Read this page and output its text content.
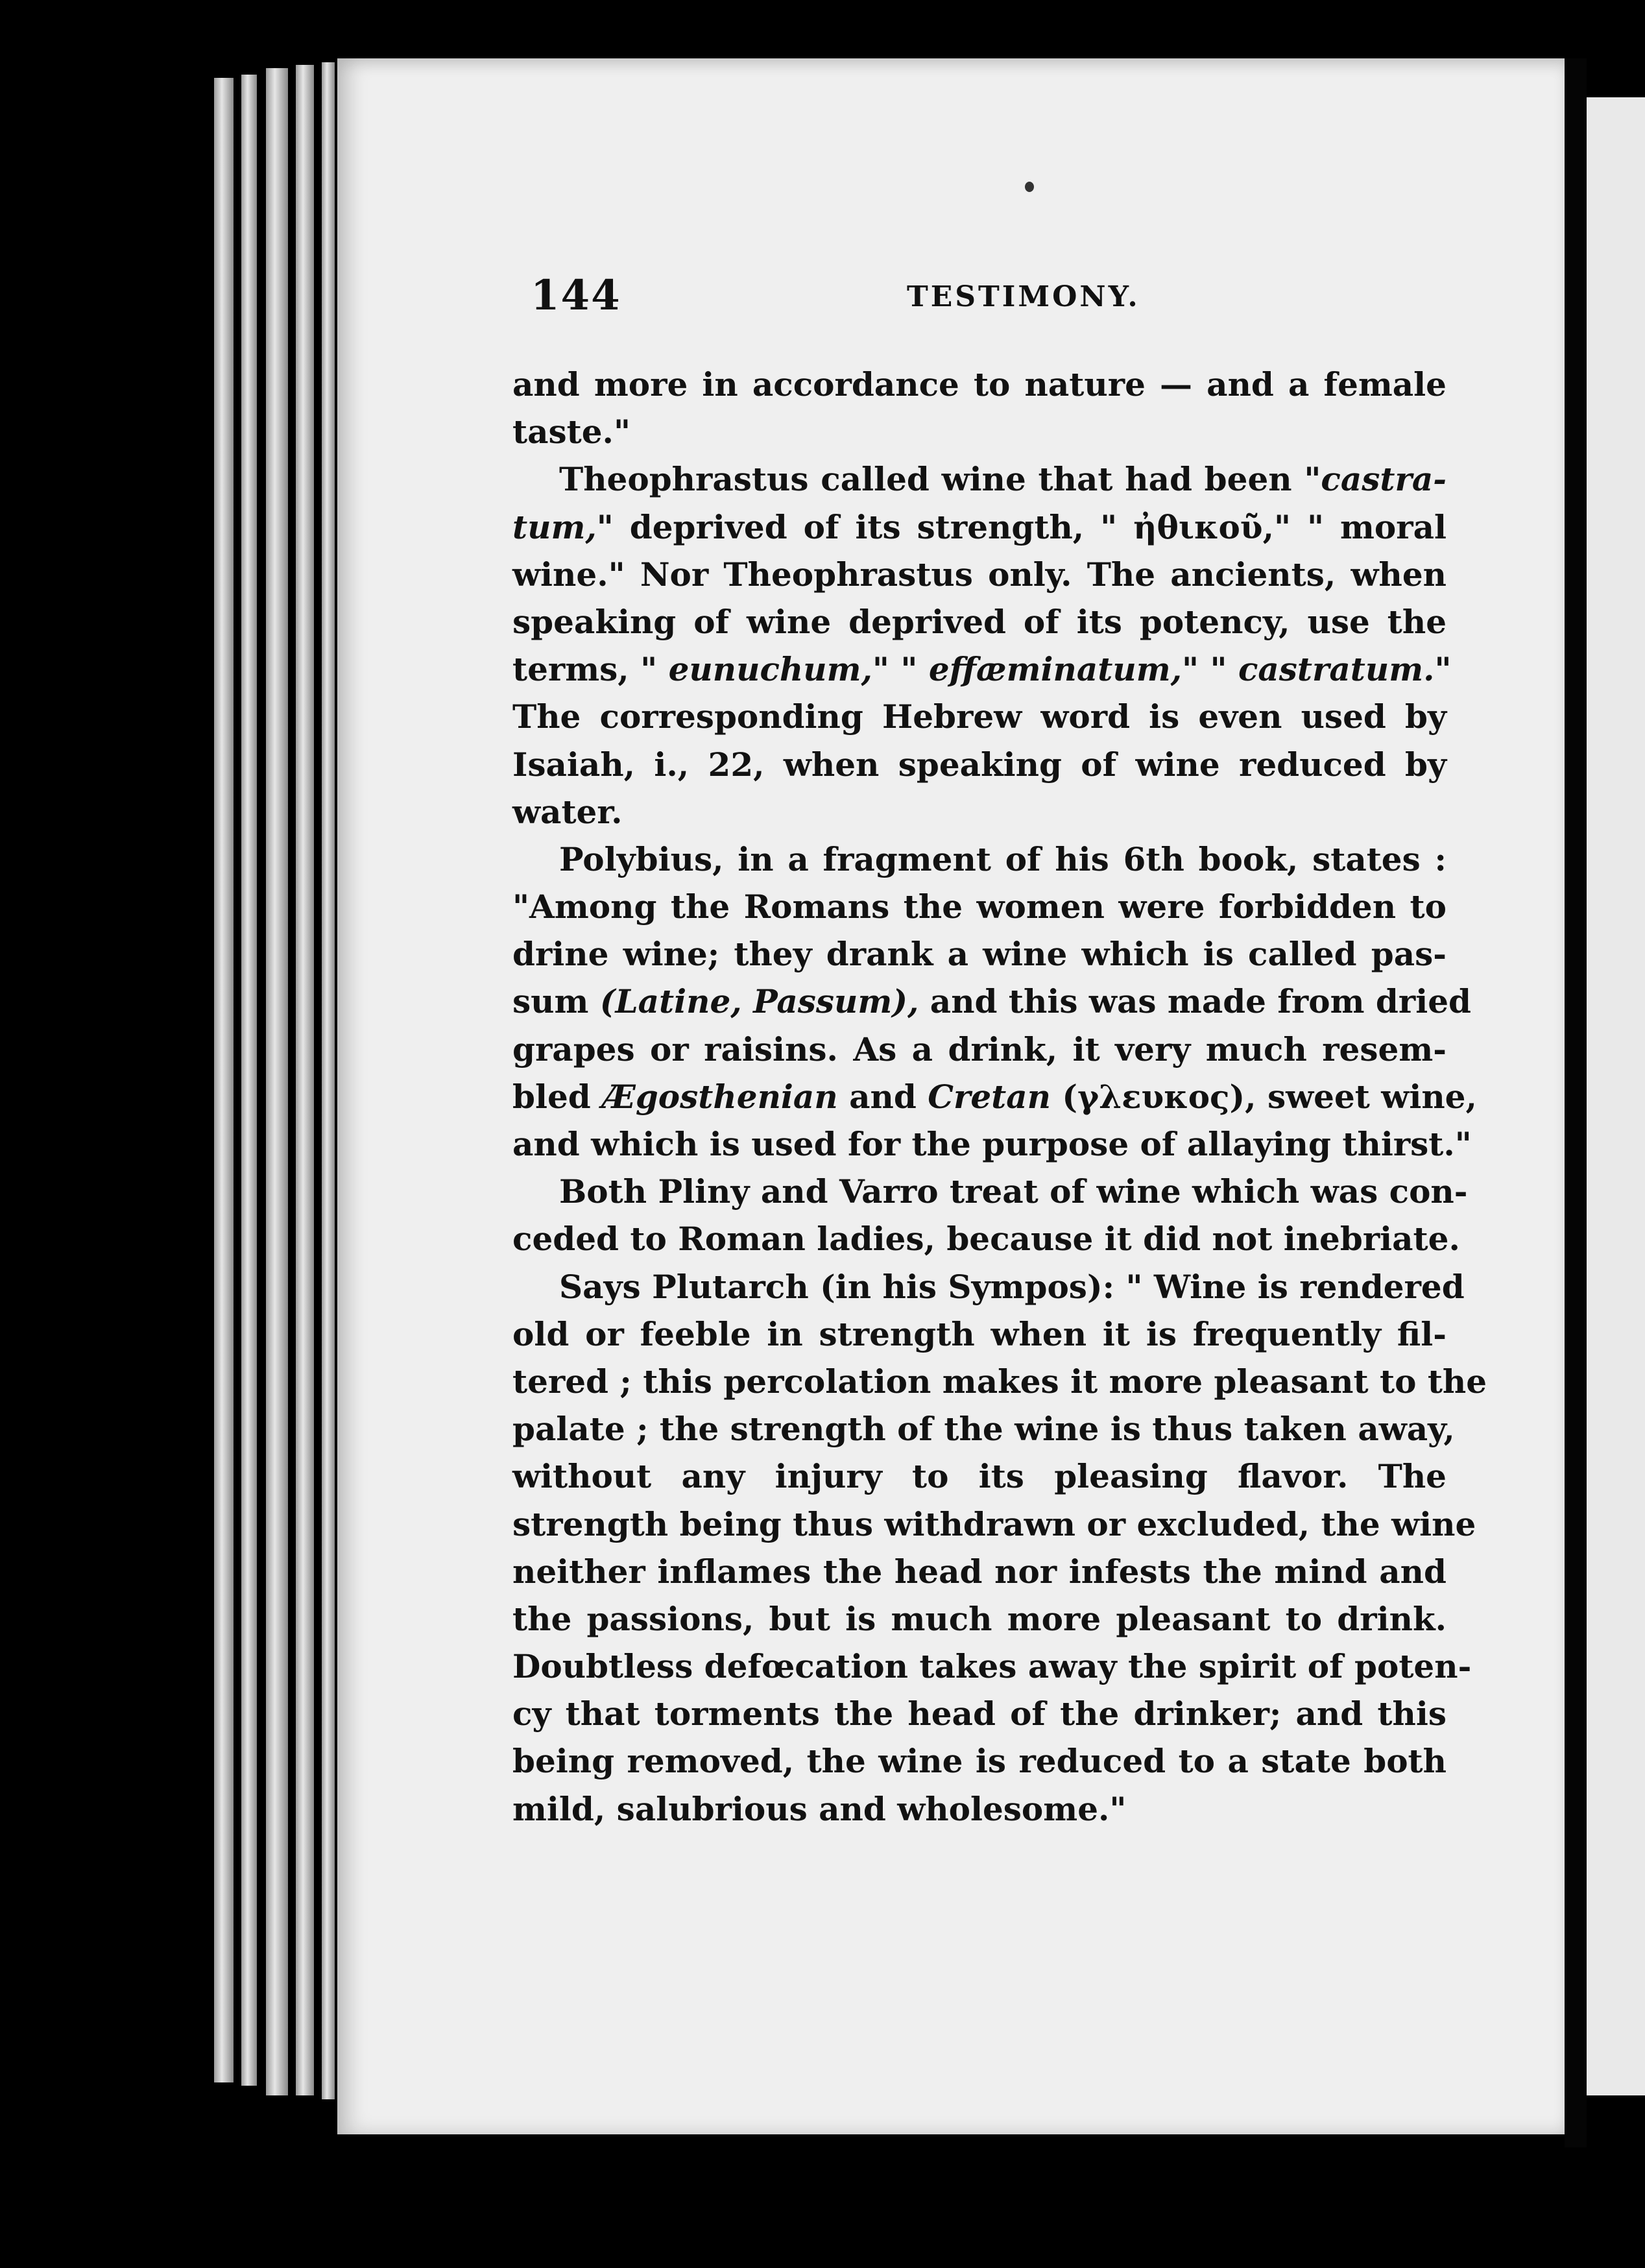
144	TESTIMONY.
and more in accordance to nature — and a female
taste."
Theophrastus called wine that had been "castra-
tum," deprived of its strength, " ἠθικοῦ," " moral
wine." Nor Theophrastus only. The ancients, when
speaking of wine deprived of its potency, use the
terms, " eunuchum," " effæminatum," " castratum."
The corresponding Hebrew word is even used by
Isaiah, i., 22, when speaking of wine reduced by
water.
Polybius, in a fragment of his 6th book, states :
"Among the Romans the women were forbidden to
drine wine; they drank a wine which is called pas-
sum (Latine, Passum), and this was made from dried
grapes or raisins. As a drink, it very much resem-
bled Ægosthenian and Cretan (γλευκος), sweet wine,
and which is used for the purpose of allaying thirst."
Both Pliny and Varro treat of wine which was con-
ceded to Roman ladies, because it did not inebriate.
Says Plutarch (in his Sympos): " Wine is rendered
old or feeble in strength when it is frequently fil-
tered ; this percolation makes it more pleasant to the
palate ; the strength of the wine is thus taken away,
without any injury to its pleasing flavor. The
strength being thus withdrawn or excluded, the wine
neither inflames the head nor infests the mind and
the passions, but is much more pleasant to drink.
Doubtless defœcation takes away the spirit of poten-
cy that torments the head of the drinker; and this
being removed, the wine is reduced to a state both
mild, salubrious and wholesome."
